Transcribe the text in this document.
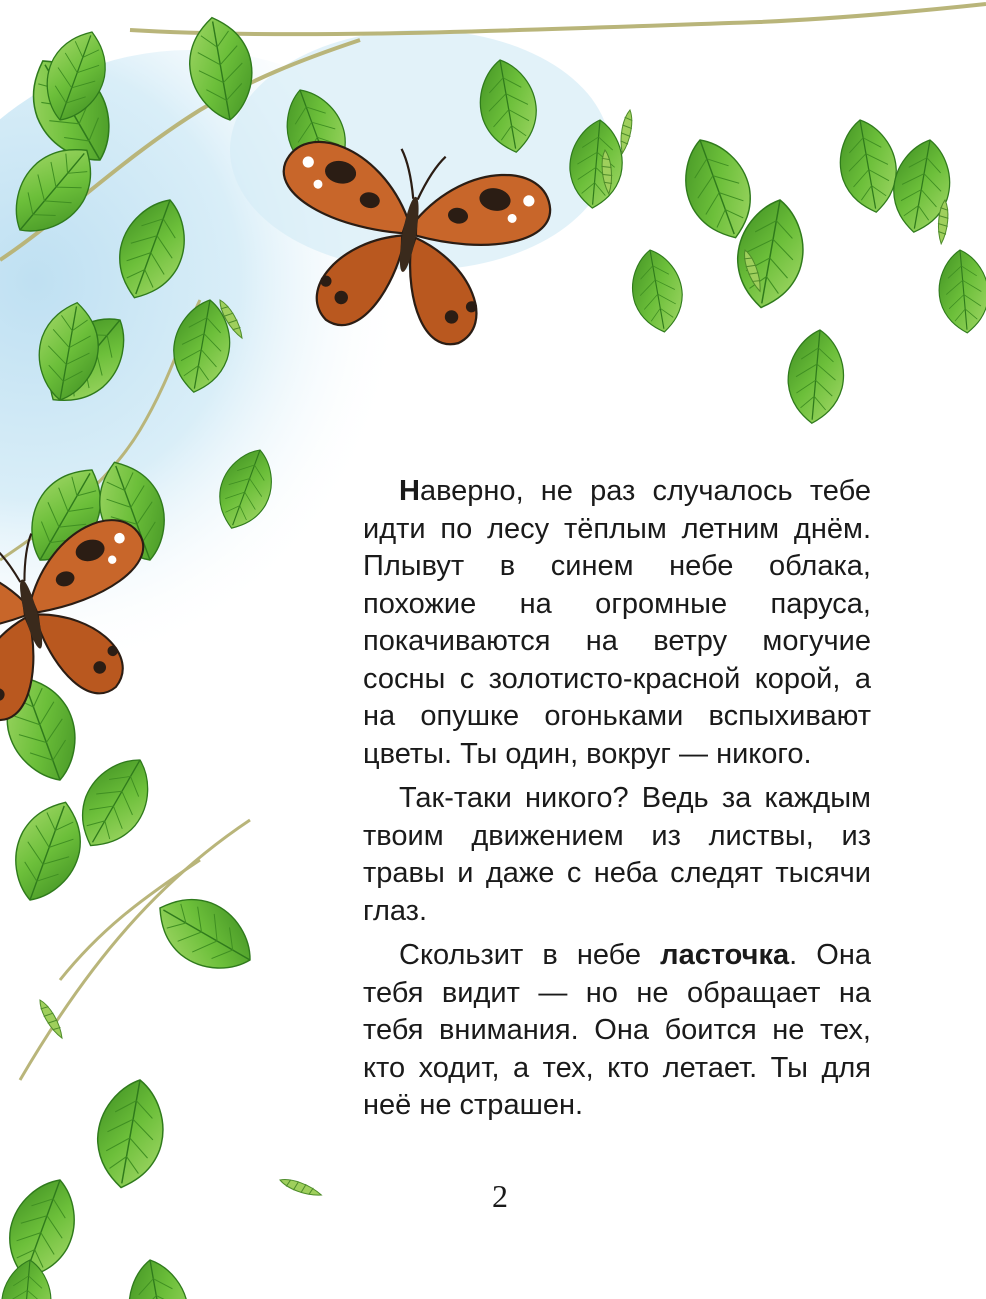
Наверно, не раз случалось тебе идти по лесу тёплым летним днём. Плывут в синем небе облака, похожие на огромные паруса, покачиваются на ветру могучие сосны с золотисто-красной корой, а на опушке огоньками вспыхивают цветы. Ты один, вокруг — никого.

Так-таки никого? Ведь за каждым твоим движением из листвы, из травы и даже с неба следят тысячи глаз.

Скользит в небе ласточка. Она тебя видит — но не обращает на тебя внимания. Она боится не тех, кто ходит, а тех, кто летает. Ты для неё не страшен.

2
